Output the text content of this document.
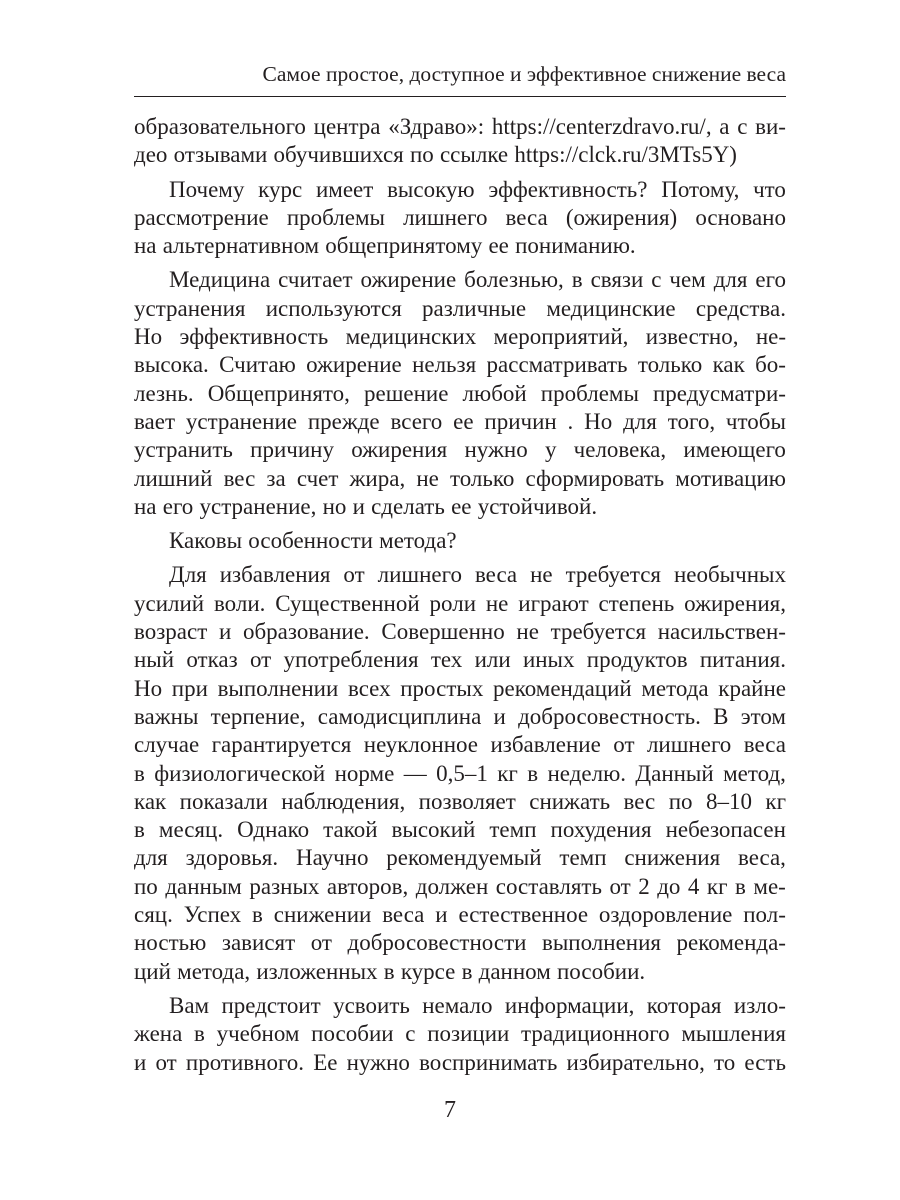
Самое простое, доступное и эффективное снижение веса
образовательного центра «Здраво»: https://centerzdravo.ru/, а с ви-
део отзывами обучившихся по ссылке https://clck.ru/3MTs5Y)
Почему курс имеет высокую эффективность? Потому, что
рассмотрение проблемы лишнего веса (ожирения) основано
на альтернативном общепринятому ее пониманию.
Медицина считает ожирение болезнью, в связи с чем для его
устранения используются различные медицинские средства.
Но эффективность медицинских мероприятий, известно, не-
высока. Считаю ожирение нельзя рассматривать только как бо-
лезнь. Общепринято, решение любой проблемы предусматри-
вает устранение прежде всего ее причин . Но для того, чтобы
устранить причину ожирения нужно у человека, имеющего
лишний вес за счет жира, не только сформировать мотивацию
на его устранение, но и сделать ее устойчивой.
Каковы особенности метода?
Для избавления от лишнего веса не требуется необычных
усилий воли. Существенной роли не играют степень ожирения,
возраст и образование. Совершенно не требуется насильствен-
ный отказ от употребления тех или иных продуктов питания.
Но при выполнении всех простых рекомендаций метода крайне
важны терпение, самодисциплина и добросовестность. В этом
случае гарантируется неуклонное избавление от лишнего веса
в физиологической норме — 0,5–1 кг в неделю. Данный метод,
как показали наблюдения, позволяет снижать вес по 8–10 кг
в месяц. Однако такой высокий темп похудения небезопасен
для здоровья. Научно рекомендуемый темп снижения веса,
по данным разных авторов, должен составлять от 2 до 4 кг в ме-
сяц. Успех в снижении веса и естественное оздоровление пол-
ностью зависят от добросовестности выполнения рекоменда-
ций метода, изложенных в курсе в данном пособии.
Вам предстоит усвоить немало информации, которая изло-
жена в учебном пособии с позиции традиционного мышления
и от противного. Ее нужно воспринимать избирательно, то есть
7
